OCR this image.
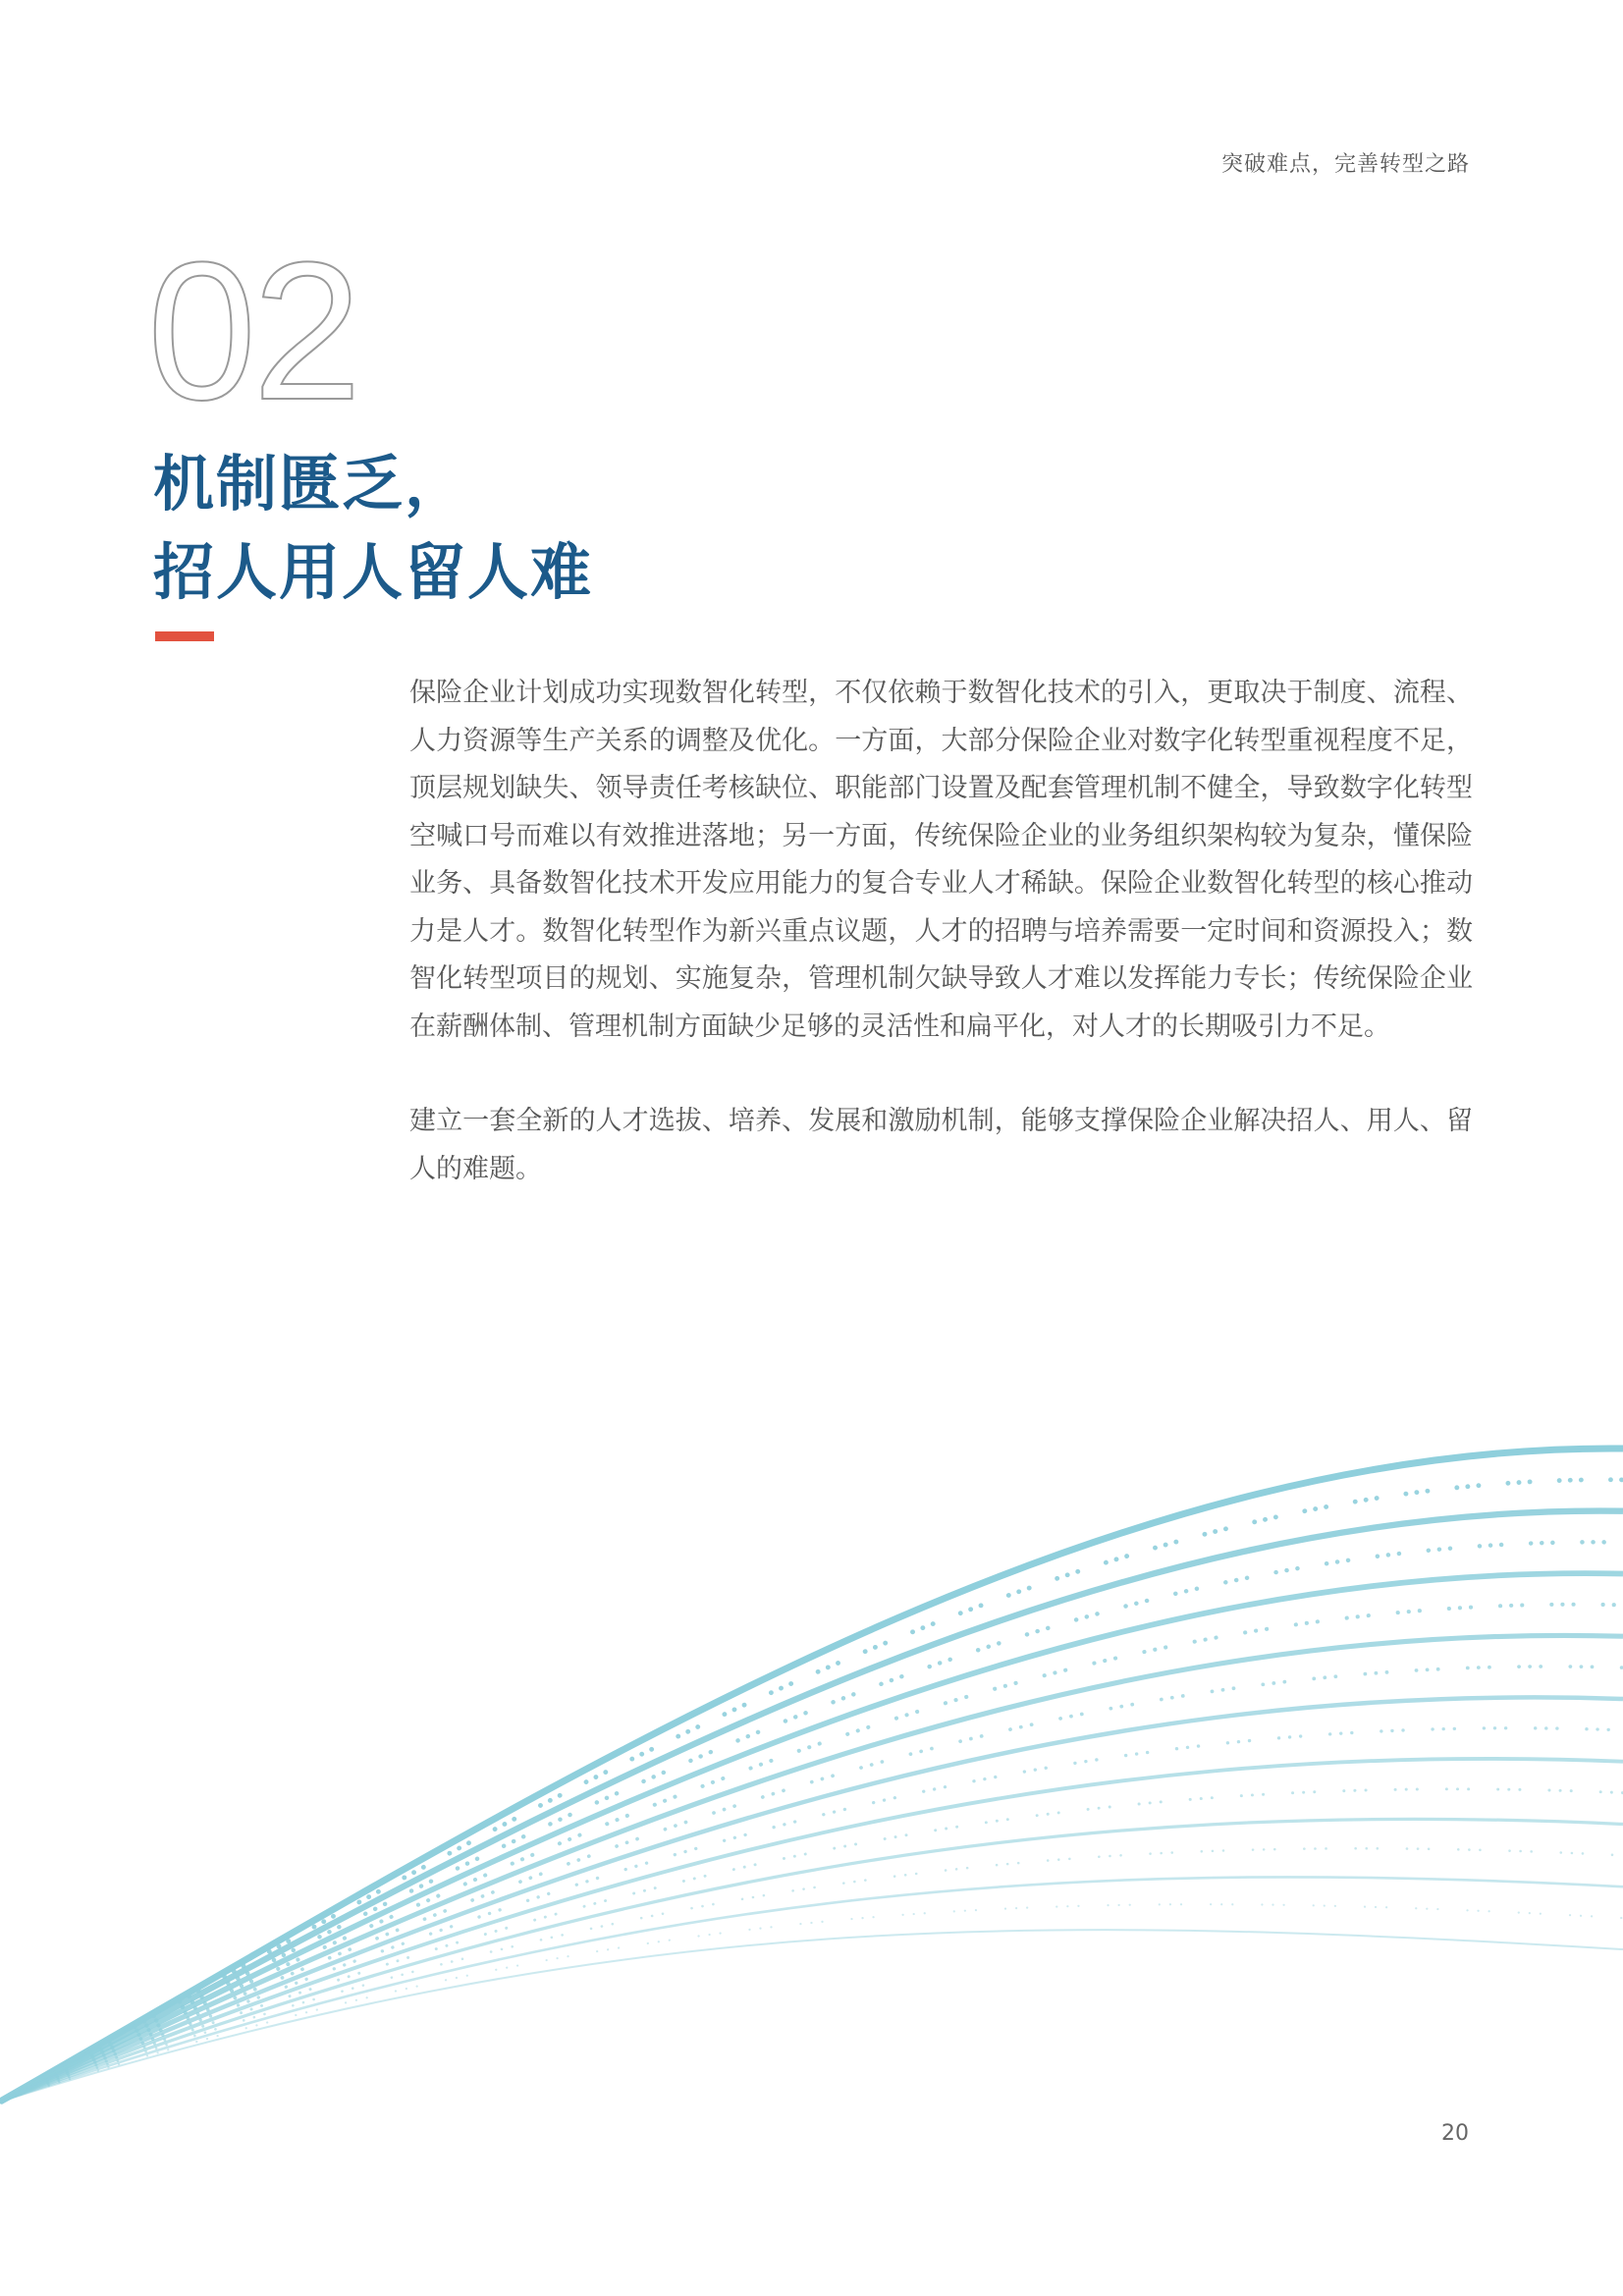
突破难点，完善转型之路
02
机制匮乏，
招人用人留人难

保险企业计划成功实现数智化转型，不仅依赖于数智化技术的引入，更取决于制度、流程、人力资源等生产关系的调整及优化。一方面，大部分保险企业对数字化转型重视程度不足，顶层规划缺失、领导责任考核缺位、职能部门设置及配套管理机制不健全，导致数字化转型空喊口号而难以有效推进落地；另一方面，传统保险企业的业务组织架构较为复杂，懂保险业务、具备数智化技术开发应用能力的复合专业人才稀缺。保险企业数智化转型的核心推动力是人才。数智化转型作为新兴重点议题，人才的招聘与培养需要一定时间和资源投入；数智化转型项目的规划、实施复杂，管理机制欠缺导致人才难以发挥能力专长；传统保险企业在薪酬体制、管理机制方面缺少足够的灵活性和扁平化，对人才的长期吸引力不足。

建立一套全新的人才选拔、培养、发展和激励机制，能够支撑保险企业解决招人、用人、留人的难题。

20
